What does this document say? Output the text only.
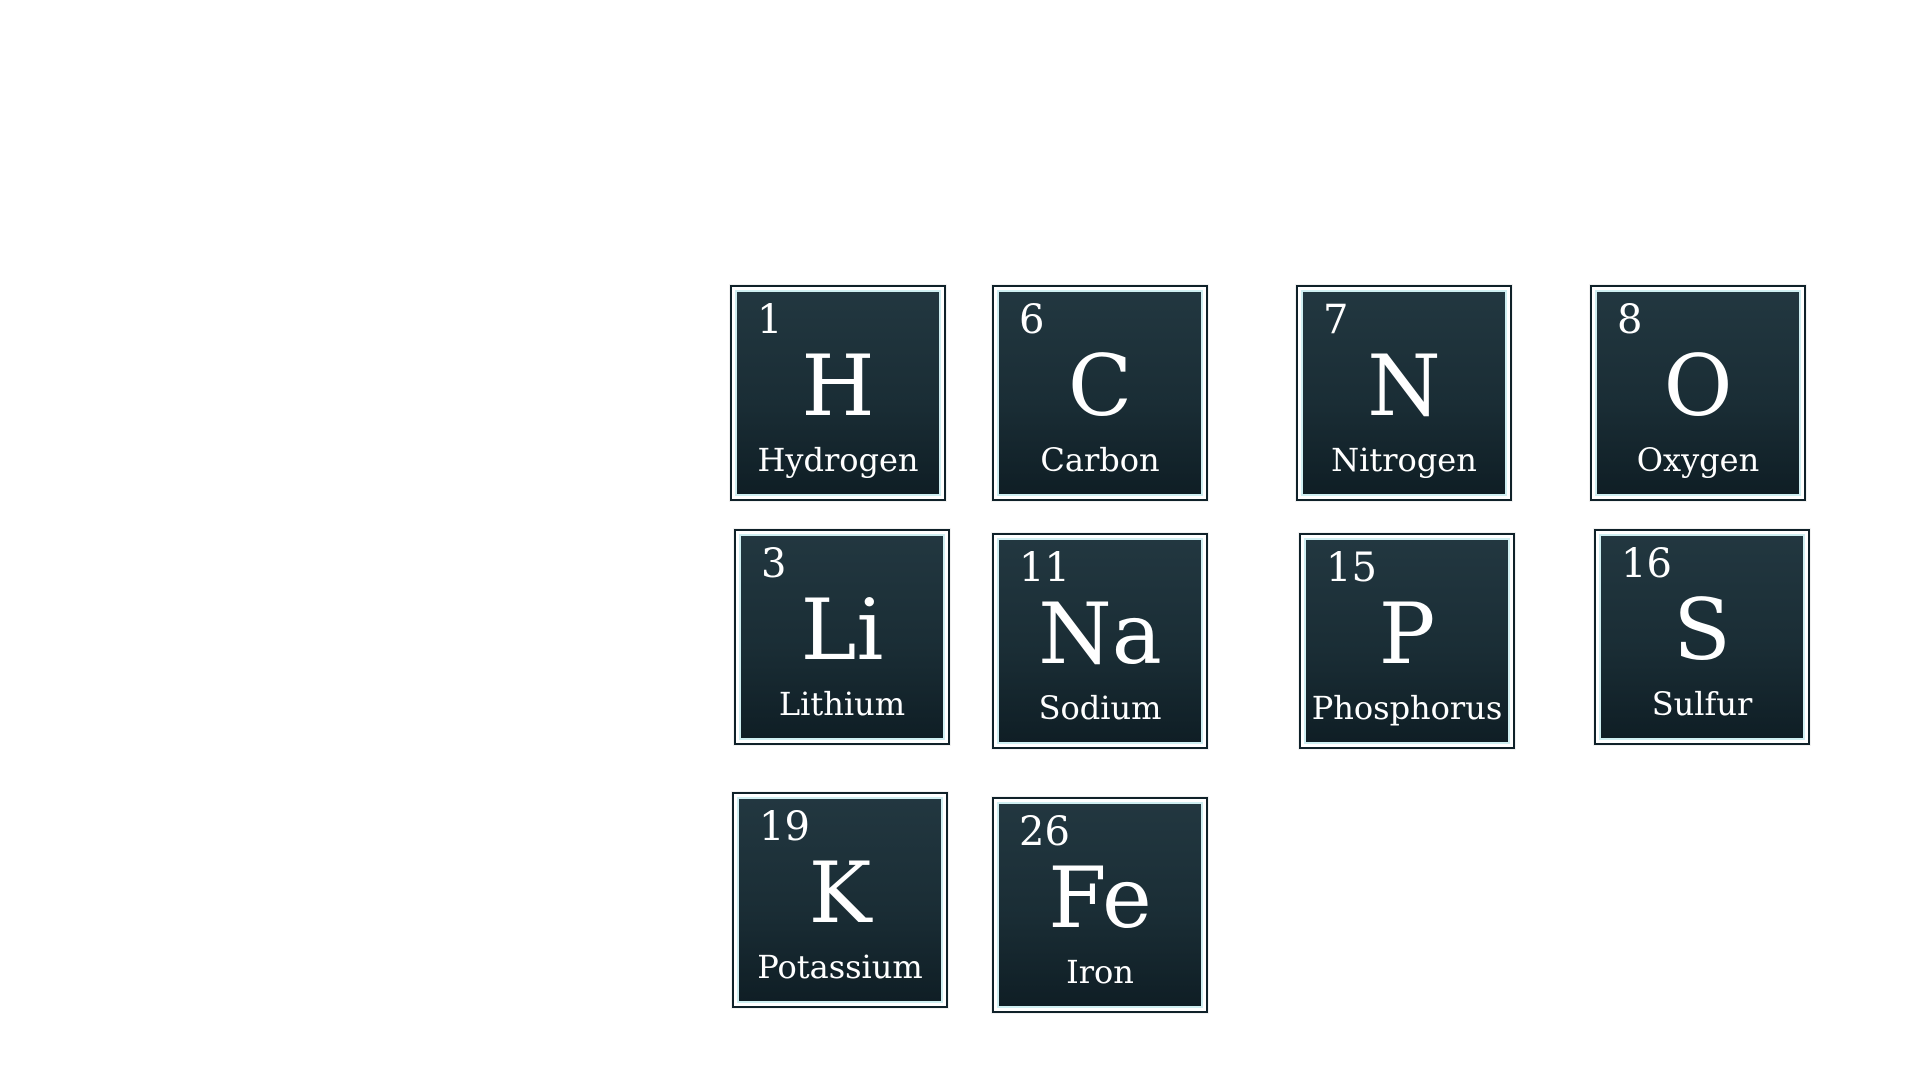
1
H
Hydrogen
6
C
Carbon
7
N
Nitrogen
8
O
Oxygen
3
Li
Lithium
11
Na
Sodium
15
P
Phosphorus
16
S
Sulfur
19
K
Potassium
26
Fe
Iron
